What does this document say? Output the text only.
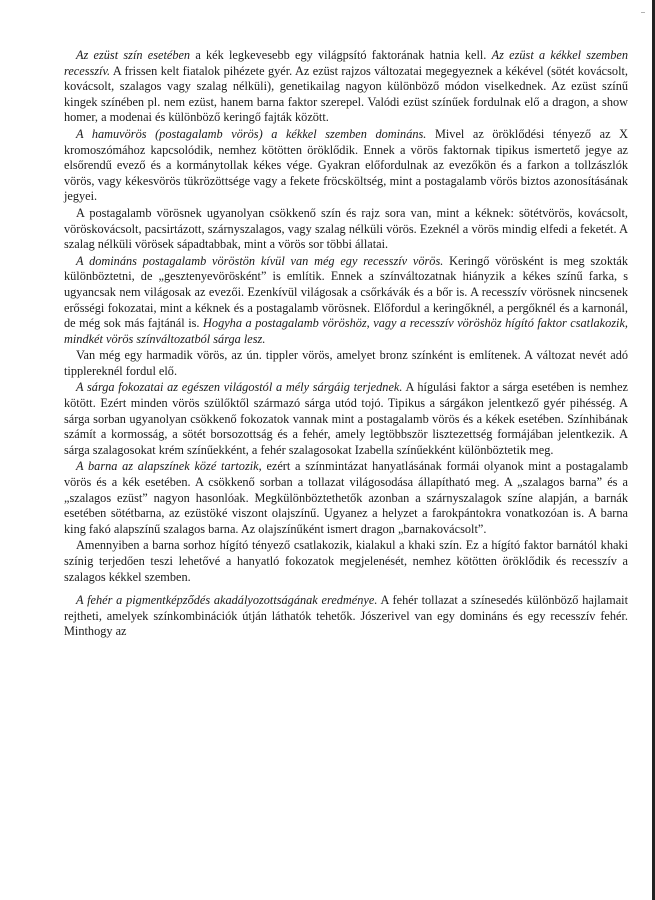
..

Az ezüst szín esetében a kék legkevesebb egy világpsító faktorának hatnia kell. Az ezüst a kékkel szemben recesszív. A frissen kelt fiatalok pihézete gyér. Az ezüst rajzos változatai megegyeznek a kékével (sötét kovácsolt, kovácsolt, szalagos vagy szalag nélküli), genetikailag nagyon különböző módon viselkednek. Az ezüst színű kingek színében pl. nem ezüst, hanem barna faktor szerepel. Valódi ezüst színűek fordulnak elő a dragon, a show homer, a modenai és különböző keringő fajták között.

A hamuvörös (postagalamb vörös) a kékkel szemben domináns. Mivel az öröklődési tényező az X kromoszómához kapcsolódik, nemhez kötötten öröklődik. Ennek a vörös faktornak tipikus ismertető jegye az elsőrendű evező és a kormánytollak kékes vége. Gyakran előfordulnak az evezőkön és a farkon a tollzászlók vörös, vagy kékesvörös tükrözöttsége vagy a fekete fröcsköltség, mint a postagalamb vörös biztos azonosításának jegyei.

A postagalamb vörösnek ugyanolyan csökkenő szín és rajz sora van, mint a kéknek: sötétvörös, kovácsolt, vöröskovácsolt, pacsirtázott, szárnyszalagos, vagy szalag nélküli vörös. Ezeknél a vörös mindig elfedi a feketét. A szalag nélküli vörösek sápadtabbak, mint a vörös sor többi állatai.

A domináns postagalamb vöröstön kívül van még egy recesszív vörös. Keringő vörösként is meg szokták különböztetni, de „gesztenyevörösként” is említik. Ennek a színváltozatnak hiányzik a kékes színű farka, s ugyancsak nem világosak az evezői. Ezenkívül világosak a csőrkávák és a bőr is. A recesszív vörösnek nincsenek erősségi fokozatai, mint a kéknek és a postagalamb vörösnek. Előfordul a keringőknél, a pergőknél és a karnonál, de még sok más fajtánál is. Hogyha a postagalamb vöröshöz, vagy a recesszív vöröshöz hígító faktor csatlakozik, mindkét vörös színváltozatból sárga lesz.

Van még egy harmadik vörös, az ún. tippler vörös, amelyet bronz színként is említenek. A változat nevét adó tipplereknél fordul elő.

A sárga fokozatai az egészen világostól a mély sárgáig terjednek. A hígulási faktor a sárga esetében is nemhez kötött. Ezért minden vörös szülőktől származó sárga utód tojó. Tipikus a sárgákon jelentkező gyér pihésség. A sárga sorban ugyanolyan csökkenő fokozatok vannak mint a postagalamb vörös és a kékek esetében. Színhibának számít a kormosság, a sötét borsozottság és a fehér, amely legtöbbször lisztezettség formájában jelentkezik. A sárga szalagosokat krém színűekként, a fehér szalagosokat Izabella színűekként különböztetik meg.

A barna az alapszínek közé tartozik, ezért a színmintázat hanyatlásának formái olyanok mint a postagalamb vörös és a kék esetében. A csökkenő sorban a tollazat világosodása állapítható meg. A „szalagos barna” és a „szalagos ezüst” nagyon hasonlóak. Megkülönböztethetők azonban a szárnyszalagok színe alapján, a barnák esetében sötétbarna, az ezüstöké viszont olajszínű. Ugyanez a helyzet a farokpántokra vonatkozóan is. A barna king fakó alapszínű szalagos barna. Az olajszínűként ismert dragon „barnakovácsolt”.

Amennyiben a barna sorhoz hígító tényező csatlakozik, kialakul a khaki szín. Ez a hígító faktor barnától khaki színig terjedően teszi lehetővé a hanyatló fokozatok megjelenését, nemhez kötötten öröklődik és recesszív a szalagos kékkel szemben.

A fehér a pigmentképződés akadályozottságának eredménye. A fehér tollazat a színesedés különböző hajlamait rejtheti, amelyek színkombinációk útján láthatók tehetők. Jószerivel van egy domináns és egy recesszív fehér. Minthogy az
